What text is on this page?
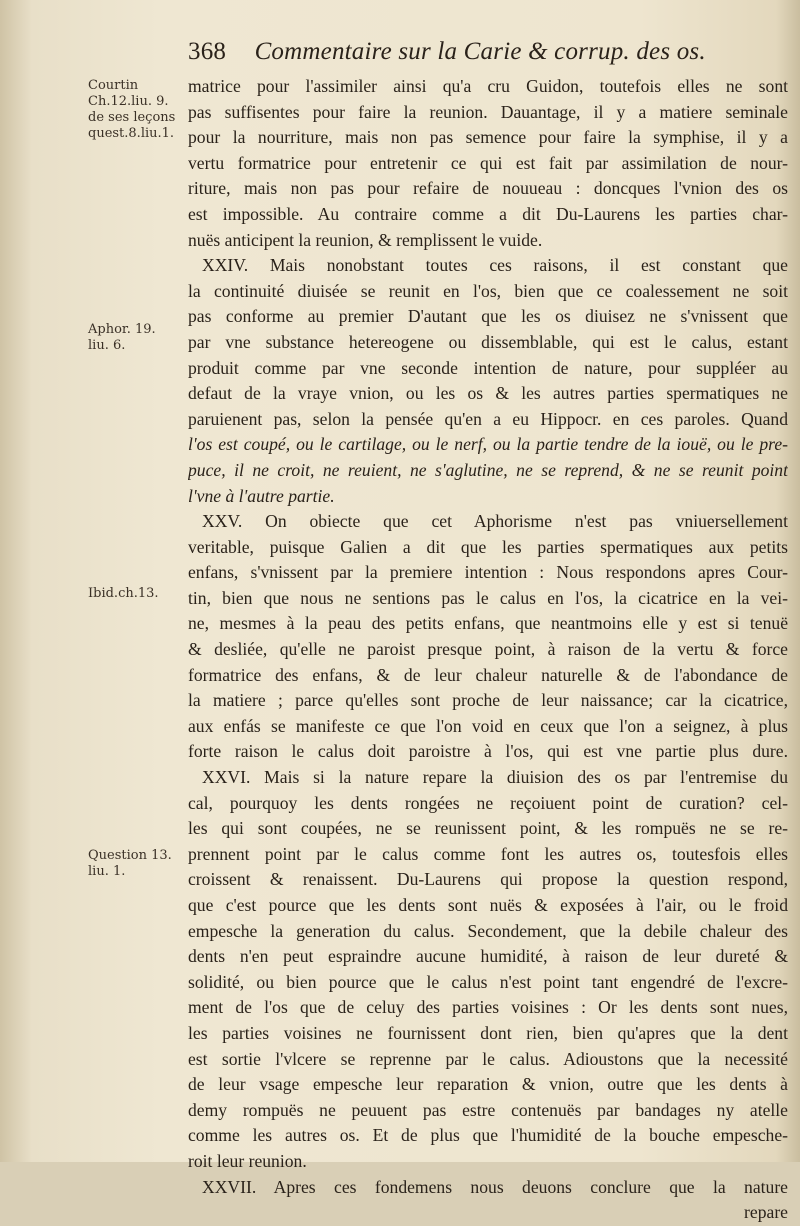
368 Commentaire sur la Carie & corrup. des os.
Courtin
Ch.12.liu. 9.
de ses leçons
quest.8.liu.1.
Aphor. 19.
liu. 6.
Ibid.ch.13.
Question 13.
liu. 1.
matrice pour l'assimiler ainsi qu'a cru Guidon, toutefois elles ne sont
pas suffisentes pour faire la reunion. Dauantage, il y a matiere seminale
pour la nourriture, mais non pas semence pour faire la symphise, il y a
vertu formatrice pour entretenir ce qui est fait par assimilation de nour-
riture, mais non pas pour refaire de nouueau : doncques l'vnion des os
est impossible. Au contraire comme a dit Du-Laurens les parties char-
nuës anticipent la reunion, & remplissent le vuide.
XXIV. Mais nonobstant toutes ces raisons, il est constant que
la continuité diuisée se reunit en l'os, bien que ce coalessement ne soit
pas conforme au premier D'autant que les os diuisez ne s'vnissent que
par vne substance hetereogene ou dissemblable, qui est le calus, estant
produit comme par vne seconde intention de nature, pour suppléer au
defaut de la vraye vnion, ou les os & les autres parties spermatiques ne
paruienent pas, selon la pensée qu'en a eu Hippocr. en ces paroles. Quand
l'os est coupé, ou le cartilage, ou le nerf, ou la partie tendre de la iouë, ou le pre-
puce, il ne croit, ne reuient, ne s'aglutine, ne se reprend, & ne se reunit point
l'vne à l'autre partie.
XXV. On obiecte que cet Aphorisme n'est pas vniuersellement
veritable, puisque Galien a dit que les parties spermatiques aux petits
enfans, s'vnissent par la premiere intention : Nous respondons apres Cour-
tin, bien que nous ne sentions pas le calus en l'os, la cicatrice en la vei-
ne, mesmes à la peau des petits enfans, que neantmoins elle y est si tenuë
& desliée, qu'elle ne paroist presque point, à raison de la vertu & force
formatrice des enfans, & de leur chaleur naturelle & de l'abondance de
la matiere ; parce qu'elles sont proche de leur naissance; car la cicatrice,
aux enfás se manifeste ce que l'on void en ceux que l'on a seignez, à plus
forte raison le calus doit paroistre à l'os, qui est vne partie plus dure.
XXVI. Mais si la nature repare la diuision des os par l'entremise du
cal, pourquoy les dents rongées ne reçoiuent point de curation? cel-
les qui sont coupées, ne se reunissent point, & les rompuës ne se re-
prennent point par le calus comme font les autres os, toutesfois elles
croissent & renaissent. Du-Laurens qui propose la question respond,
que c'est pource que les dents sont nuës & exposées à l'air, ou le froid
empesche la generation du calus. Secondement, que la debile chaleur des
dents n'en peut espraindre aucune humidité, à raison de leur dureté &
solidité, ou bien pource que le calus n'est point tant engendré de l'excre-
ment de l'os que de celuy des parties voisines : Or les dents sont nues,
les parties voisines ne fournissent dont rien, bien qu'apres que la dent
est sortie l'vlcere se reprenne par le calus. Adioustons que la necessité
de leur vsage empesche leur reparation & vnion, outre que les dents à
demy rompuës ne peuuent pas estre contenuës par bandages ny atelle
comme les autres os. Et de plus que l'humidité de la bouche empesche-
roit leur reunion.
XXVII. Apres ces fondemens nous deuons conclure que la nature
repare
